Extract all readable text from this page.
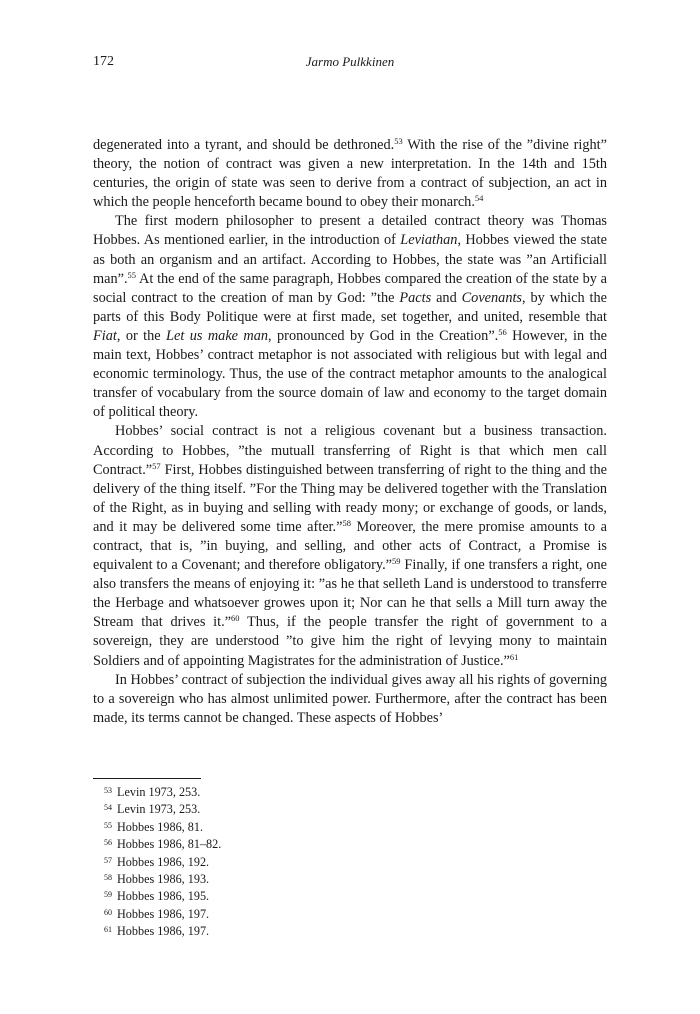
172	Jarmo Pulkkinen

degenerated into a tyrant, and should be dethroned.$^{53}$ With the rise of the ”divine right” theory, the notion of contract was given a new interpretation. In the 14th and 15th centuries, the origin of state was seen to derive from a contract of subjection, an act in which the people henceforth became bound to obey their monarch.$^{54}$

The first modern philosopher to present a detailed contract theory was Thomas Hobbes. As mentioned earlier, in the introduction of Leviathan, Hobbes viewed the state as both an organism and an artifact. According to Hobbes, the state was ”an Artificiall man”.$^{55}$ At the end of the same paragraph, Hobbes compared the creation of the state by a social contract to the creation of man by God: ”the Pacts and Covenants, by which the parts of this Body Politique were at first made, set together, and united, resemble that Fiat, or the Let us make man, pronounced by God in the Creation”.$^{56}$ However, in the main text, Hobbes’ contract metaphor is not associated with religious but with legal and economic terminology. Thus, the use of the contract metaphor amounts to the analogical transfer of vocabulary from the source domain of law and economy to the target domain of political theory.

Hobbes’ social contract is not a religious covenant but a business transaction. According to Hobbes, ”the mutuall transferring of Right is that which men call Contract.”$^{57}$ First, Hobbes distinguished between transferring of right to the thing and the delivery of the thing itself. ”For the Thing may be delivered together with the Translation of the Right, as in buying and selling with ready mony; or exchange of goods, or lands, and it may be delivered some time after.”$^{58}$ Moreover, the mere promise amounts to a contract, that is, ”in buying, and selling, and other acts of Contract, a Promise is equivalent to a Covenant; and therefore obligatory.”$^{59}$ Finally, if one transfers a right, one also transfers the means of enjoying it: ”as he that selleth Land is understood to transferre the Herbage and whatsoever growes upon it; Nor can he that sells a Mill turn away the Stream that drives it.”$^{60}$ Thus, if the people transfer the right of government to a sovereign, they are understood ”to give him the right of levying mony to maintain Soldiers and of appointing Magistrates for the administration of Justice.”$^{61}$

In Hobbes’ contract of subjection the individual gives away all his rights of governing to a sovereign who has almost unlimited power. Furthermore, after the contract has been made, its terms cannot be changed. These aspects of Hobbes’

53 Levin 1973, 253.
54 Levin 1973, 253.
55 Hobbes 1986, 81.
56 Hobbes 1986, 81–82.
57 Hobbes 1986, 192.
58 Hobbes 1986, 193.
59 Hobbes 1986, 195.
60 Hobbes 1986, 197.
61 Hobbes 1986, 197.
